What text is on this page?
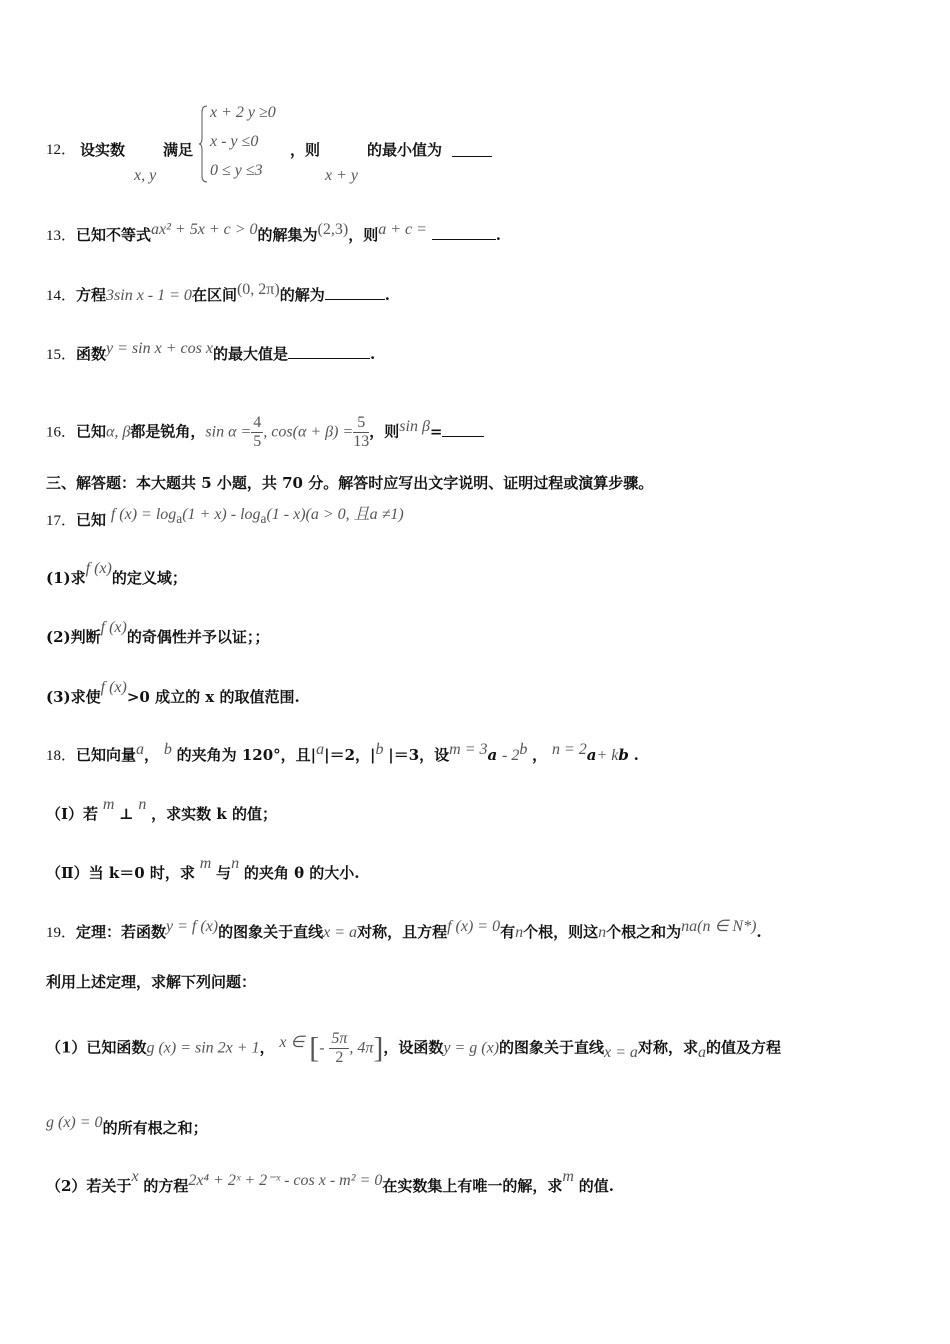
12． 设实数
x, y
满足
x + 2 y ≥0
x - y ≤0
0 ≤ y ≤3
，则
x + y
的最小值为
13．已知不等式ax² + 5x + c > 0的解集为(2,3)，则a + c =	.
14．方程3sin x - 1 = 0在区间(0, 2π)的解为	.
15．函数y = sin x + cos x的最大值是	.
16．已知α, β都是锐角，$\sin \alpha = \frac{4}{5}$ , $\cos(\alpha + \beta) = \frac{5}{13}$ ，则sin β=
三、解答题：本大题共 5 小题，共 70 分。解答时应写出文字说明、证明过程或演算步骤。
17．已知 f $(x) = \log_a(1 + x) - \log_a(1 - x)(a > 0$, 且a ≠1)
(1)求f (x)的定义域；
(2)判断f (x)的奇偶性并予以证；；
(3)求使f (x)>0 成立的 x 的取值范围.
18．已知向量a， b 的夹角为 120°，且|a|＝2，|b |＝3，设m = 3a - 2b ， n = 2a+ kb .
（Ⅰ）若 m ⊥ n ，求实数 k 的值；
（Ⅱ）当 k＝0 时，求 m 与n 的夹角 θ 的大小.
19．定理：若函数y = f (x)的图象关于直线x = a对称，且方程f (x) = 0有n个根，则这n个根之和为na(n ∈ N*).
利用上述定理，求解下列问题：
（1）已知函数g (x) = sin 2x + 1， x ∈ [- $\frac{5\pi}{2}$ , 4π]，设函数y = g (x)的图象关于直线x = a对称，求a的值及方程
g (x) = 0的所有根之和；
（2）若关于x 的方程2x⁴ + 2ˣ + 2⁻ˣ - cos x - m² = 0在实数集上有唯一的解，求m 的值.
